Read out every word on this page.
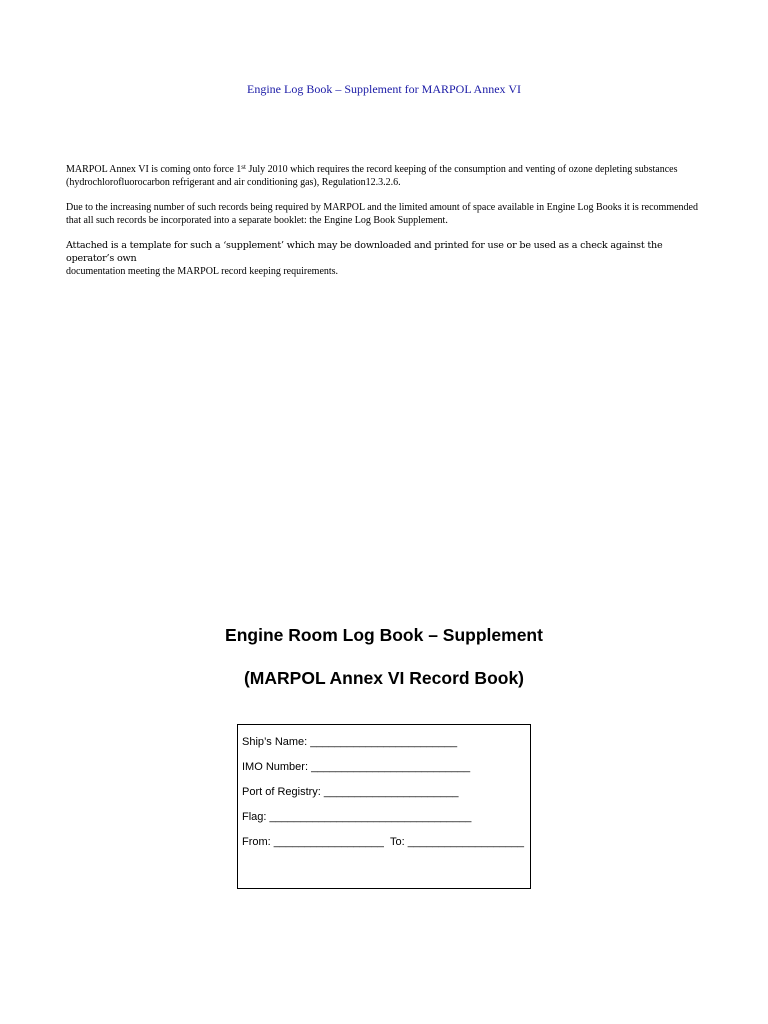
Engine Log Book – Supplement for MARPOL Annex VI

MARPOL Annex VI is coming onto force 1st July 2010 which requires the record keeping of the consumption and venting of ozone depleting substances (hydrochlorofluorocarbon refrigerant and air conditioning gas), Regulation12.3.2.6.

Due to the increasing number of such records being required by MARPOL and the limited amount of space available in Engine Log Books it is recommended that all such records be incorporated into a separate booklet: the Engine Log Book Supplement.

Attached is a template for such a ‘supplement’ which may be downloaded and printed for use or be used as a check against the operator’s own
documentation meeting the MARPOL record keeping requirements.

Engine Room Log Book – Supplement
(MARPOL Annex VI Record Book)
Ship’s Name: ________________________
IMO Number: __________________________
Port of Registry: ______________________
Flag: _________________________________
From: __________________ To: ___________________
